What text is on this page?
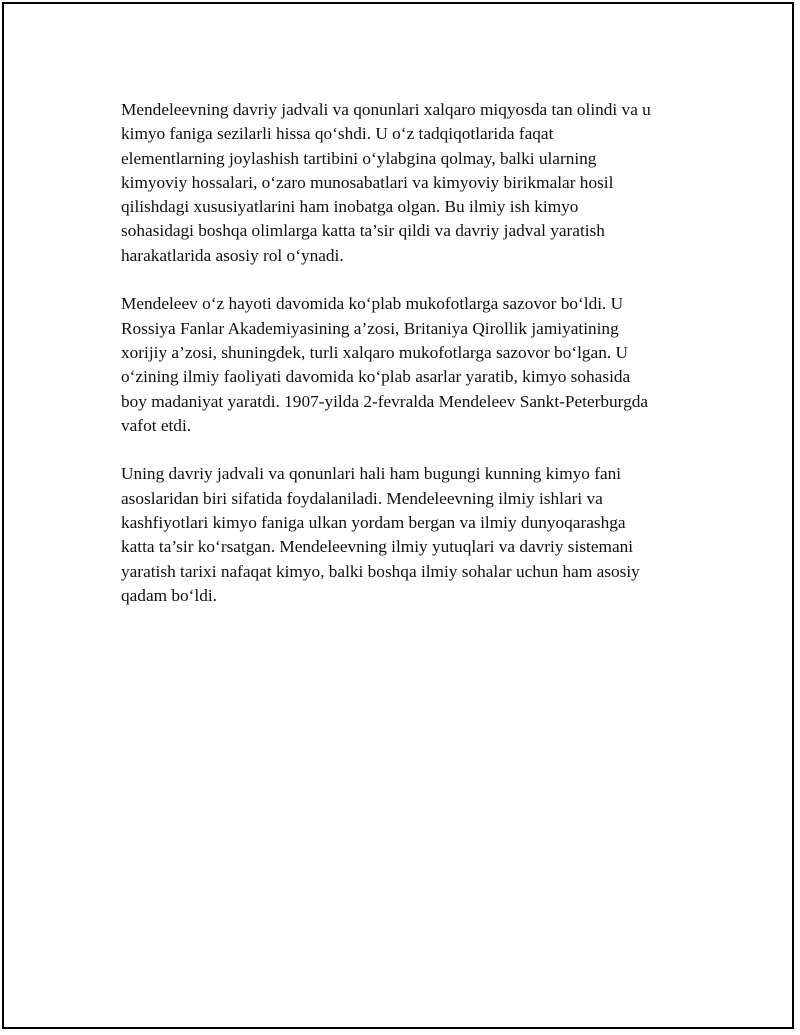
Mendeleevning davriy jadvali va qonunlari xalqaro miqyosda tan olindi va u
kimyo faniga sezilarli hissa qo‘shdi. U o‘z tadqiqotlarida faqat
elementlarning joylashish tartibini o‘ylabgina qolmay, balki ularning
kimyoviy hossalari, o‘zaro munosabatlari va kimyoviy birikmalar hosil
qilishdagi xususiyatlarini ham inobatga olgan. Bu ilmiy ish kimyo
sohasidagi boshqa olimlarga katta ta’sir qildi va davriy jadval yaratish
harakatlarida asosiy rol o‘ynadi.

Mendeleev o‘z hayoti davomida ko‘plab mukofotlarga sazovor bo‘ldi. U
Rossiya Fanlar Akademiyasining a’zosi, Britaniya Qirollik jamiyatining
xorijiy a’zosi, shuningdek, turli xalqaro mukofotlarga sazovor bo‘lgan. U
o‘zining ilmiy faoliyati davomida ko‘plab asarlar yaratib, kimyo sohasida
boy madaniyat yaratdi. 1907-yilda 2-fevralda Mendeleev Sankt-Peterburgda
vafot etdi.

Uning davriy jadvali va qonunlari hali ham bugungi kunning kimyo fani
asoslaridan biri sifatida foydalaniladi. Mendeleevning ilmiy ishlari va
kashfiyotlari kimyo faniga ulkan yordam bergan va ilmiy dunyoqarashga
katta ta’sir ko‘rsatgan. Mendeleevning ilmiy yutuqlari va davriy sistemani
yaratish tarixi nafaqat kimyo, balki boshqa ilmiy sohalar uchun ham asosiy
qadam bo‘ldi.
